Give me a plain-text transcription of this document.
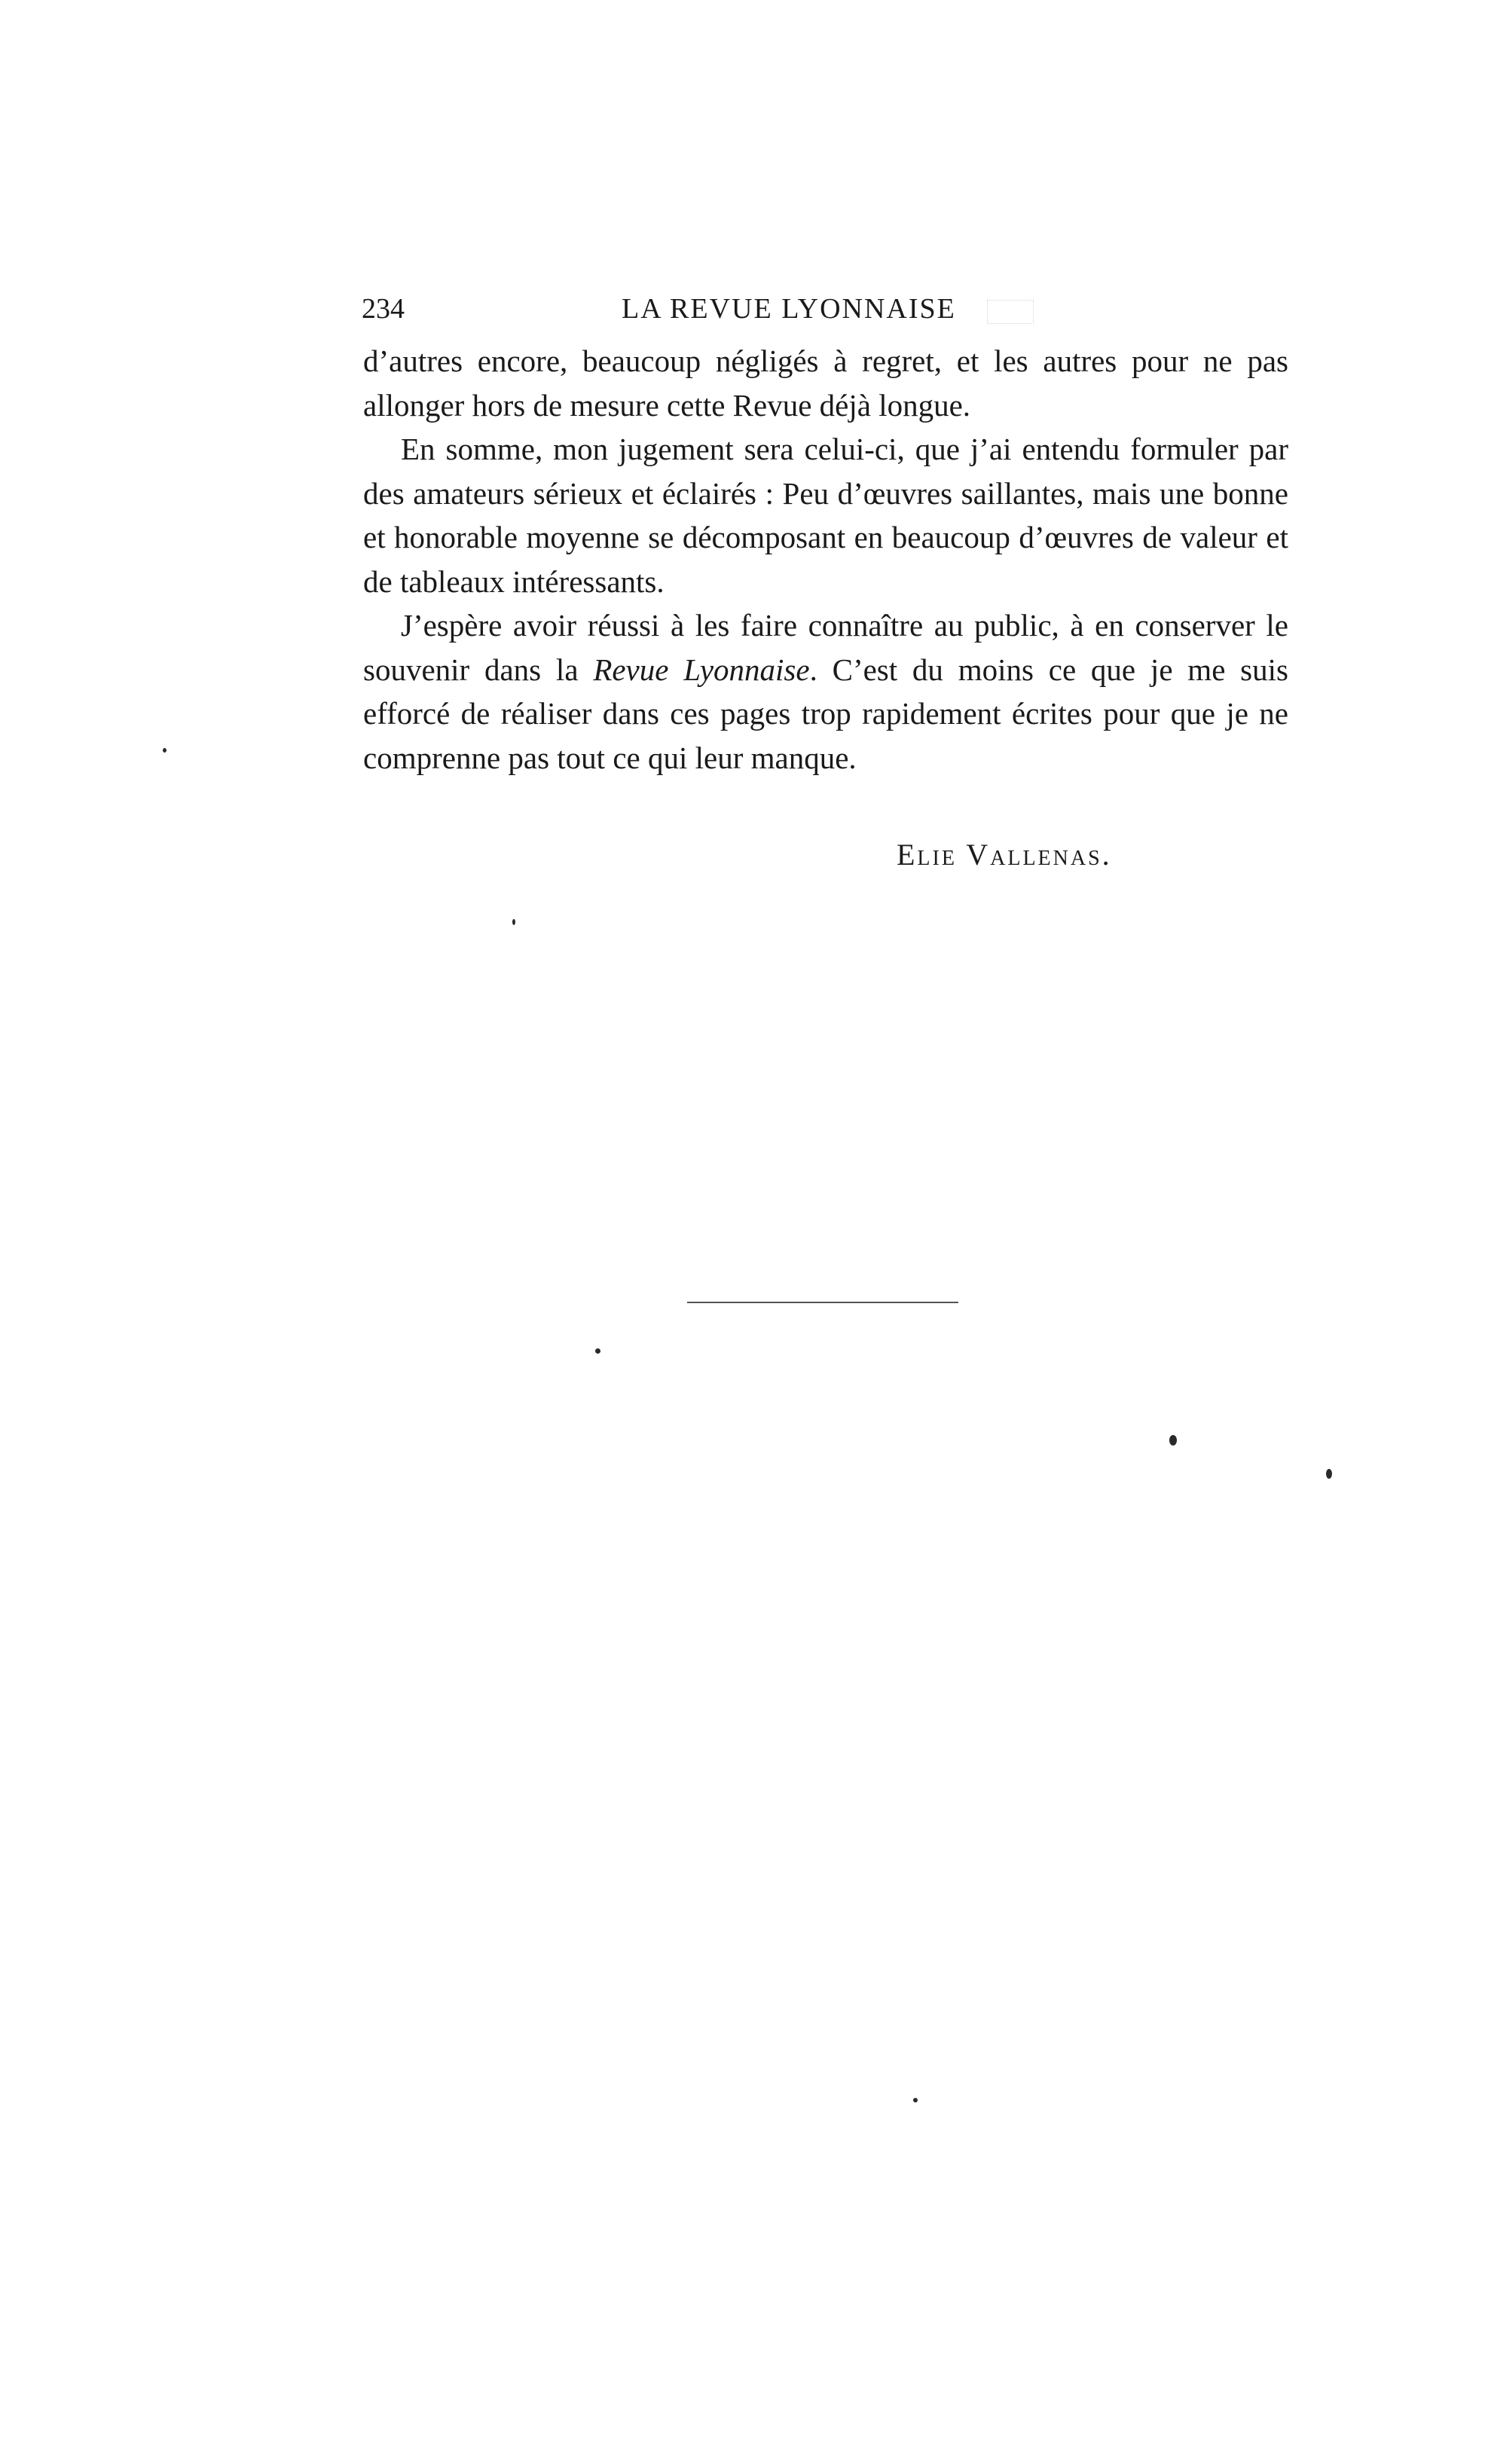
234	LA REVUE LYONNAISE

d’autres encore, beaucoup négligés à regret, et les autres pour ne pas allonger hors de mesure cette Revue déjà longue.

En somme, mon jugement sera celui-ci, que j’ai entendu formuler par des amateurs sérieux et éclairés : Peu d’œuvres saillantes, mais une bonne et honorable moyenne se décomposant en beaucoup d’œuvres de valeur et de tableaux intéressants.

J’espère avoir réussi à les faire connaître au public, à en conserver le souvenir dans la Revue Lyonnaise. C’est du moins ce que je me suis efforcé de réaliser dans ces pages trop rapidement écrites pour que je ne comprenne pas tout ce qui leur manque.

Elie Vallenas.
